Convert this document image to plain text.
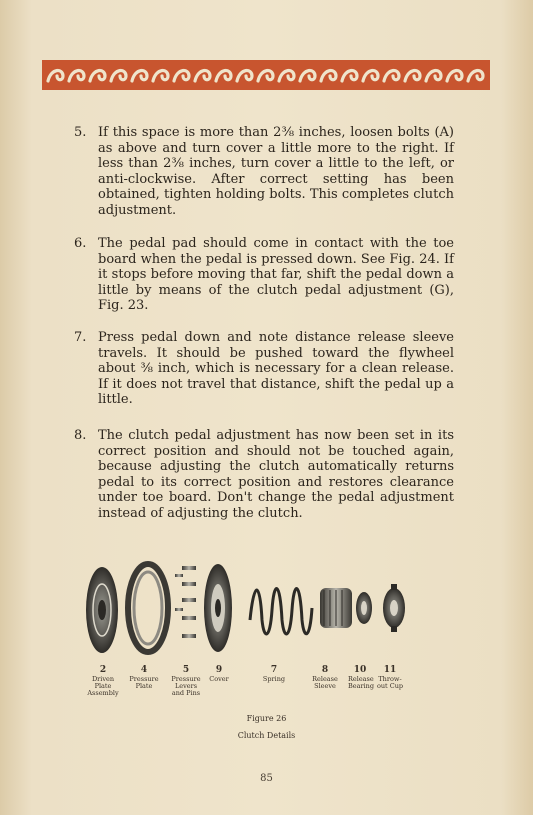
5. If this space is more than 2⅜ inches, loosen bolts (A) as above and turn cover a little more to the right. If less than 2⅜ inches, turn cover a little to the left, or anti-clockwise. After correct setting has been obtained, tighten holding bolts. This completes clutch adjustment.
6. The pedal pad should come in contact with the toe board when the pedal is pressed down. See Fig. 24. If it stops before moving that far, shift the pedal down a little by means of the clutch pedal adjustment (G), Fig. 23.
7. Press pedal down and note distance release sleeve travels. It should be pushed toward the flywheel about ⅜ inch, which is necessary for a clean release. If it does not travel that distance, shift the pedal up a little.
8. The clutch pedal adjustment has now been set in its correct position and should not be touched again, because adjusting the clutch automatically returns pedal to its correct position and restores clearance under toe board. Don't change the pedal adjustment instead of adjusting the clutch.
2
Driven Plate Assembly
4
Pressure Plate
5
Pressure Levers and Pins
9
Cover
7
Spring
8
Release Sleeve
10
Release Bearing
11
Throw-out Cup
Figure 26
Clutch Details
85
